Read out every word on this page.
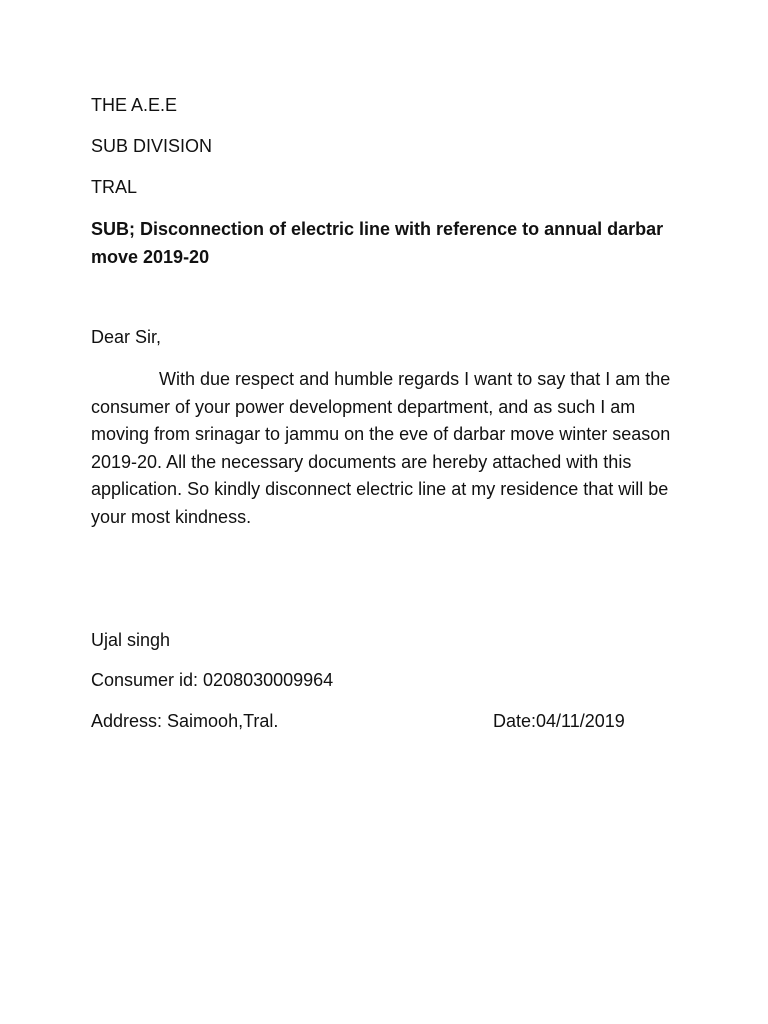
THE A.E.E
SUB DIVISION
TRAL
SUB; Disconnection of electric line with reference to annual darbar move 2019-20
Dear Sir,
With due respect and humble regards I want to say that I am the consumer of your power development department, and as such I am moving from srinagar to jammu on the eve of darbar move winter season 2019-20. All the necessary documents are hereby attached with this application. So kindly disconnect electric line at my residence that will be your most kindness.
Ujal singh
Consumer id: 0208030009964
Address: Saimooh,Tral.	Date:04/11/2019
